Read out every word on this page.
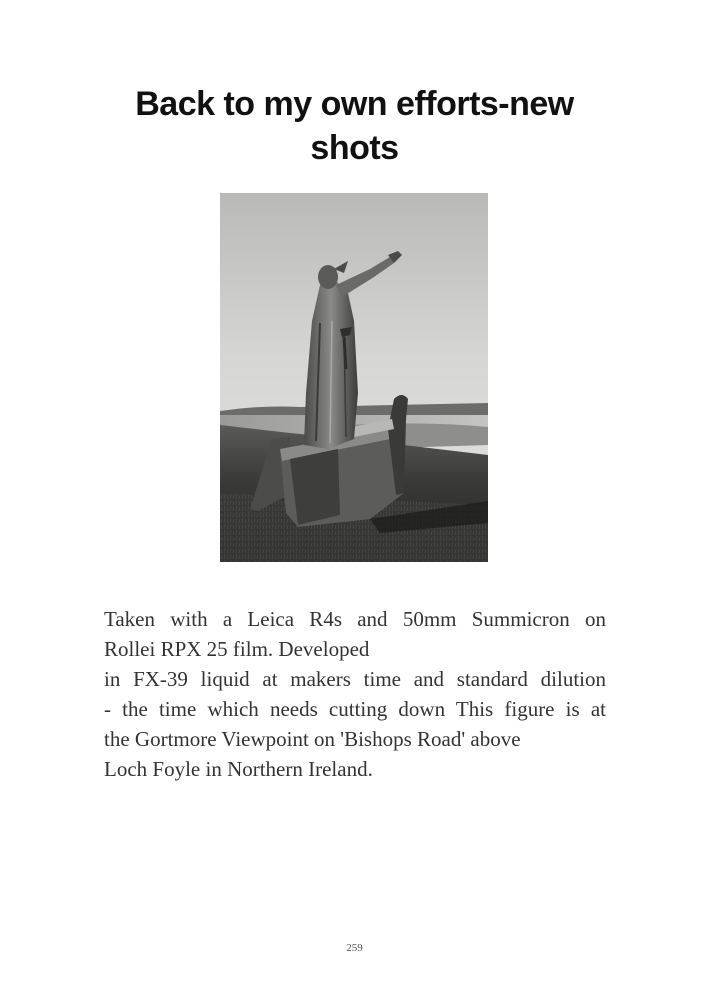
Back to my own efforts-new
shots

Taken with a Leica R4s and 50mm Summicron on
Rollei RPX 25 film. Developed
in FX-39 liquid at makers time and standard dilution
- the time which needs cutting down This figure is at
the Gortmore Viewpoint on 'Bishops Road' above
Loch Foyle in Northern Ireland.

259
